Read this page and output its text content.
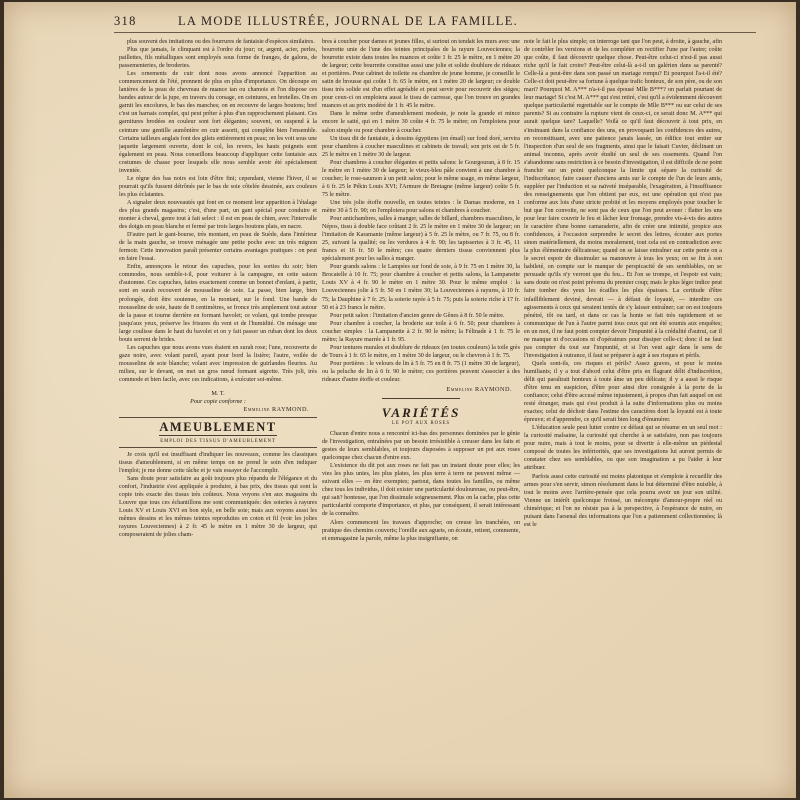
318	LA MODE ILLUSTRÉE, JOURNAL DE LA FAMILLE.

plus souvent des imitations ou des fourrures de fantaisie d'espèces similaires.

Plus que jamais, le clinquant est à l'ordre du jour; or, argent, acier, perles, paillettes, fils métalliques sont employés sous forme de franges, de galons, de passementeries, de broderies.

Les ornements de cuir dont nous avons annoncé l'apparition au commencement de l'été, prennent de plus en plus d'importance. On découpe en lanières de la peau de chevreau de nuance tan ou chamois et l'on dispose ces bandes autour de la jupe, en travers du corsage, en ceintures, en bretelles. On en garnit les encolures, le bas des manches; on en recouvre de larges boutons; bref c'est un harnais complet, qui peut prêter à plus d'un rapprochement plaisant. Ces garnitures brodées en couleur sont fort élégantes; souvent, on suspend à la ceinture une gentille aumônière en cuir assorti, qui complète bien l'ensemble. Certains tailleurs anglais font des gilets entièrement en peau; on les voit sous une jaquette largement ouverte, dont le col, les revers, les hauts poignets sont également en peau. Nous conseillons beaucoup d'appliquer cette fantaisie aux costumes de chasse pour lesquels elle nous semble avoir été spécialement inventée.

Le règne des bas noirs est loin d'être fini; cependant, vienne l'hiver, il se pourrait qu'ils fussent détrônés par le bas de soie côtelée dessinée, aux couleurs les plus éclatantes.

A signaler deux nouveautés qui font en ce moment leur apparition à l'étalage des plus grands magasins; c'est, d'une part, un gant spécial pour conduire et monter à cheval, genre tout à fait select : il est en peau de chien, avec l'intervalle des doigts en peau blanche et fermé par trois larges boutons plats, en nacre.

D'autre part le gant-bourse, très montant, en peau de Suède, dans l'intérieur de la main gauche, se trouve ménagée une petite poche avec un très mignon fermoir. Cette innovation paraît présenter certains avantages pratiques : on peut en faire l'essai.

Enfin, annonçons le retour des capuches, pour les sorties du soir; bien commodes, nous semble-t-il, pour voiturer à la campagne, en cette saison d'automne. Ces capuches, faites exactement comme un bonnet d'enfant, à partir, sont en surah recouvert de mousseline de soie. La passe, bien large, bien prolongée, doit être soutenue, en la montant, sur le fond. Une bande de mousseline de soie, haute de 8 centimètres, se fronce très amplement tout autour de la passe et tourne derrière en formant bavolet; ce volant, qui tombe presque jusqu'aux yeux, préserve les frisures du vent et de l'humidité. On ménage une large coulisse dans le haut du bavolet et on y fait passer un ruban dont les deux bouts serrent de brides.

Les capuches que nous avons vues étaient en surah rose; l'une, recouverte de gaze noire, avec volant pareil, ayant pour bord la lisière; l'autre, voilée de mousseline de soie blanche; volant avec impression de guirlandes fleuries. Au milieu, sur le devant, on met un gros nœud formant aigrette. Très joli, très commode et bien facile, avec ces indications, à exécuter soi-même.

M. T.
Pour copie conforme :
Emmeline RAYMOND.
AMEUBLEMENT
EMPLOI DES TISSUS D'AMEUBLEMENT

Je crois qu'il est insuffisant d'indiquer les nouveaux, comme les classiques tissus d'ameublement, si en même temps on ne prend le soin d'en indiquer l'emploi; je me donne cette tâche et je vais essayer de l'accomplir.

Sans doute pour satisfaire au goût toujours plus répandu de l'élégance et du confort, l'industrie s'est appliquée à produire, à bas prix, des tissus qui sont la copie très exacte des tissus très coûteux. Nous voyons s'en aux magasins du Louvre que tous ces échantillons me sont communiqués: des soieries à rayures Louis XV et Louis XVI en bon style, en belle soie; mais aux voyons aussi les mêmes dessins et les mêmes teintes reproduites en coton et fil (voir les jolies rayures Louveciennes) à 2 fr. 45 le mètre en 1 mètre 30 de largeur, qui composeraient de jolies cham-

bres à coucher pour dames et jeunes filles, si surtout on tendait les murs avec une bourrette unie de l'une des teintes principales de la rayure Louveciennes; la bourrette existe dans toutes les nuances et coûte 1 fr. 25 le mètre, en 1 mètre 20 de largeur; cette bourrette constitue aussi une jolie et solide doublure de rideaux et portières. Pour cabinet de toilette ou chambre de jeune homme, je conseille le satin de brousse qui coûte 1 fr. 65 le mètre, en 1 mètre 20 de largeur; ce double tissu très solide est d'un effet agréable et peut servir pour recouvrir des sièges; pour ceux-ci on emploiera aussi le tissu de carresse, que l'on trouve en grandes nuances et au prix modéré de 1 fr. 45 le mètre.

Dans le même ordre d'ameublement modeste, je note la grande et mince encore le satté, qui en 1 mètre 30 coûte 4 fr. 75 le mètre; on l'emploiera pour salon simple ou pour chambre à coucher.

Un tissu dit de fantaisie, à dessins égyptiens (en émail) sur fond doré, servira pour chambres à coucher masculines et cabinets de travail; son prix est de 5 fr. 25 le mètre en 1 mètre 30 de largeur.

Pour chambres à coucher élégantes et petits salons: le Gourgouran, à 8 fr. 15 le mètre en 1 mètre 30 de largeur; le vieux-bleu pâle convient à une chambre à coucher; le rose-saumon à un petit salon; pour le même usage, en même largeur, à 6 fr. 25 le Pékin Louis XVI; l'Armure de Bretagne (même largeur) coûte 5 fr. 75 le mètre.

Une très jolie étoffe nouvelle, en toutes teintes : le Damas moderne, en 1 mètre 30 à 5 fr. 90; on l'emploiera pour salons et chambres à coucher.

Pour antichambres, salles à manger, salles de billard, chambres masculines, le Népos, tissu à double face coûtant 2 fr. 25 le mètre en 1 mètre 30 de largeur; on l'imitation de Karamanie (même largeur) à 5 fr. 25 le mètre, ou 7 fr. 75, ou 8 fr. 25, suivant la qualité; ou les verdures à 4 fr. 90; les tapisseries à 3 fr. 45, 11 francs et 16 fr. 50 le mètre; ces quatre derniers tissus conviennent plus spécialement pour les salles à manger.

Pour grands salons : le Lampées sur fond de soie, à 9 fr. 75 en 1 mètre 30, la Brocatelle à 10 fr. 75; pour chambre à coucher et petits salons, la Lampanette Louis XV à 4 fr. 90 le mètre en 1 mètre 30. Pour le même emploi : la Louveciennes jolie à 5 fr. 50 en 1 mètre 30; la Louveciennes à rayures, à 10 fr. 75; la Dauphine à 7 fr. 25; la soierie rayée à 5 fr. 75; puis la soierie riche à 17 fr. 50 et à 23 francs le mètre.

Pour petit salon : l'imitation d'ancien genre de Gênes à 8 fr. 50 le mètre.

Pour chambre à coucher, la broderie sur toile à 6 fr. 50; pour chambres à coucher simples : la Lampanette à 2 fr. 90 le mètre; la Félinade à 1 fr. 75 le mètre; la Rayure marrée à 1 fr. 95.

Pour tentures murales et doublure de rideaux (en toutes couleurs) la toile grès de Tours à 1 fr. 65 le mètre, en 1 mètre 30 de largeur, ou le chevron à 1 fr. 75.

Pour portières : le velours de lin à 5 fr. 75 en 8 fr. 75 (1 mètre 30 de largeur), ou la peluche de lin à 6 fr. 90 le mètre; ces portières peuvent s'associer à des rideaux d'autre étoffe et couleur.

Emmeline RAYMOND.
VARIÉTÉS
LE POT AUX ROSES

Chacun d'entre nous a rencontré ici-bas des personnes dominées par le génie de l'investigation, entraînées par un besoin irrésistible à creuser dans les faits et gestes de leurs semblables, et toujours disposées à supposer un pot aux roses quelconque chez chacun d'entre eux.

L'existence du dit pot aux roses ne fait pas un instant doute pour elles; les vies les plus unies, les plus plates, les plus terre à terre ne peuvent même — suivant elles — en être exemptes; partout, dans toutes les familles, ou même chez tous les individus, il doit exister une particularité douloureuse, ou peut-être, qui sait? honteuse, que l'on dissimule soigneusement. Plus on la cache, plus cette particularité comporte d'importance, et plus, par conséquent, il serait intéressant de la connaître.

Alors commencent les travaux d'approche; on creuse les tranchées, on pratique des chemins couverts; l'oreille aux aguets, on écoute, retient, commente, et emmagasine la parole, même la plus insignifiante, on

note le fait le plus simple; on interroge tant que l'on peut, à droite, à gauche, afin de contrôler les versions et de les compléter en rectifier l'une par l'autre; coûte que coûte, il faut découvrir quelque chose. Peut-être celui-ci n'est-il pas aussi riche qu'il le fait croire? Peut-être celui-là a-t-il un galérien dans sa parenté? Celle-là a peut-être dans son passé un mariage rompu? Et pourquoi l'a-t-il été? Celle-ci doit peut-être sa fortune à quelque trafic honteux, de son père, ou de son mari? Pourquoi M. A*** n'a-t-il pas épousé Mlle B***? on parlait pourtant de leur mariage! Si c'est M. A*** qui s'est retiré, c'est qu'il a évidemment découvert quelque particularité regrettable sur le compte de Mlle B*** ou sur celui de ses parents? Si au contraire la rupture vient de ceux-ci, ce serait donc M. A*** qui aurait quelque tare? Laquelle? Voilà ce qu'il faut découvrir à tout prix, en s'insinuant dans la confiance des uns, en provoquant les confidences des autres, en reconstituant, avec une patience janais lassée, un édifice tout entier sur l'inspection d'un seul de ses fragments, ainsi que le faisait Cuvier, déclinant un animal inconnu, après avoir étudié un seul de ses ossements. Quand l'on s'abandonne sans restriction à ce besoin d'investigation, il est difficile de ne point franchir sur un point quelconque la limite qui sépare la curiosité de l'indiscrétance; faire causer d'anciens amis sur le compte de l'un de leurs amis, suppléer par l'induction et sa naïveté inséparable, l'exagération, à l'insuffisance des renseignements que l'on obtient par eux, est une opération qui n'est pas conforme aux lois d'une stricte probité et les moyens employés pour toucher le but que l'on convoite, ne sont pas de ceux que l'on peut avouer : flatter les uns pour leur faire couvrir le feu et lâcher leur fromage, prendre vis-à-vis des autres le caractère d'une bonne camaraderie, afin de créer une intimité, propice aux confidences, à l'occasion surprendre le secret des lettres, écouter aux portes sinon matériellement, du moins moralement, tout cela est en contradiction avec la plus élémentaire délicatesse; quand on se laisse entraîner sur cette pente on a le secret espoir de dissimuler sa manœuvre à tous les yeux; on se fin à son habileté, on compte sur le manque de perspicacité de ses semblables, on se persuade qu'ils n'y verront que du feu... Et l'on se trompe, et l'espoir est vain; sans doute on n'est point prévenu du premier coup; mais le plus léger indice peut faire tomber des yeux les écailles les plus épaisses. La certitude d'être infailliblement deviné, devrait — à défaut de loyauté, — interdire ces agissements à ceux qui seraient tentés de s'y laisser entraîner; car on est toujours pénétré, tôt ou tard, et dans ce cas la honte se fait très rapidement et se communique de l'un à l'autre parmi tous ceux qui ont été soumis aux enquêtes; en un mot, il ne faut point compter devoir l'impunité à la crédulité d'autrui, car il ne manque ni d'occasions ni d'opérateurs pour dissiper celle-ci; donc il ne faut pas compter du tout sur l'impunité, et si l'on veut agir dans le sens de l'investigation à outrance, il faut se préparer à agir à ses risques et périls.

Quels sont-ils, ces risques et périls? Assez graves, et pour le moins humiliants; il y a tout d'abord celui d'être pris en flagrant délit d'indiscrétion, délit qui paraîtrait honteux à toute âme un peu délicate; il y a aussi le risque d'être tenu en suspicion, d'être pour ainsi dire consignée à la porte de la confiance; celui d'être accusé même injustement, à propos d'un fait auquel on est resté étranger, mais qui s'est produit à la suite d'informations plus ou moins exactes; celui de déchoir dans l'estime des caractères dont la loyauté est à toute épreuve; et d'apprendre, ce qu'il serait bien long d'énumérer.

L'éducation seule peut lutter contre ce défaut qui se résume en un seul mot : la curiosité malsaine, la curiosité qui cherche à se satisfaire, non pas toujours pour nuire, mais à tout le moins, pour se divertir à elle-même un piédestal composé de toutes les infériorités, que ses investigations lui auront permis de constater chez ses semblables, ou que son imagination a pu l'aider à leur attribuer.

Parfois aussi cette curiosité est moins platonique et s'emploie à recueillir des armes pour s'en servir, simon résolument dans le but déterminé d'être nuisible, à tout le moins avec l'arrière-pensée que cela pourra avoir un jour son utilité. Vienne un intérêt quelconque froissé, un mécompte d'amour-propre réel ou chimérique; et l'on ne résiste pas à la perspective, à l'espérance de nuire, en puisant dans l'arsenal des informations que l'on a patiemment collectionnées; là est le
